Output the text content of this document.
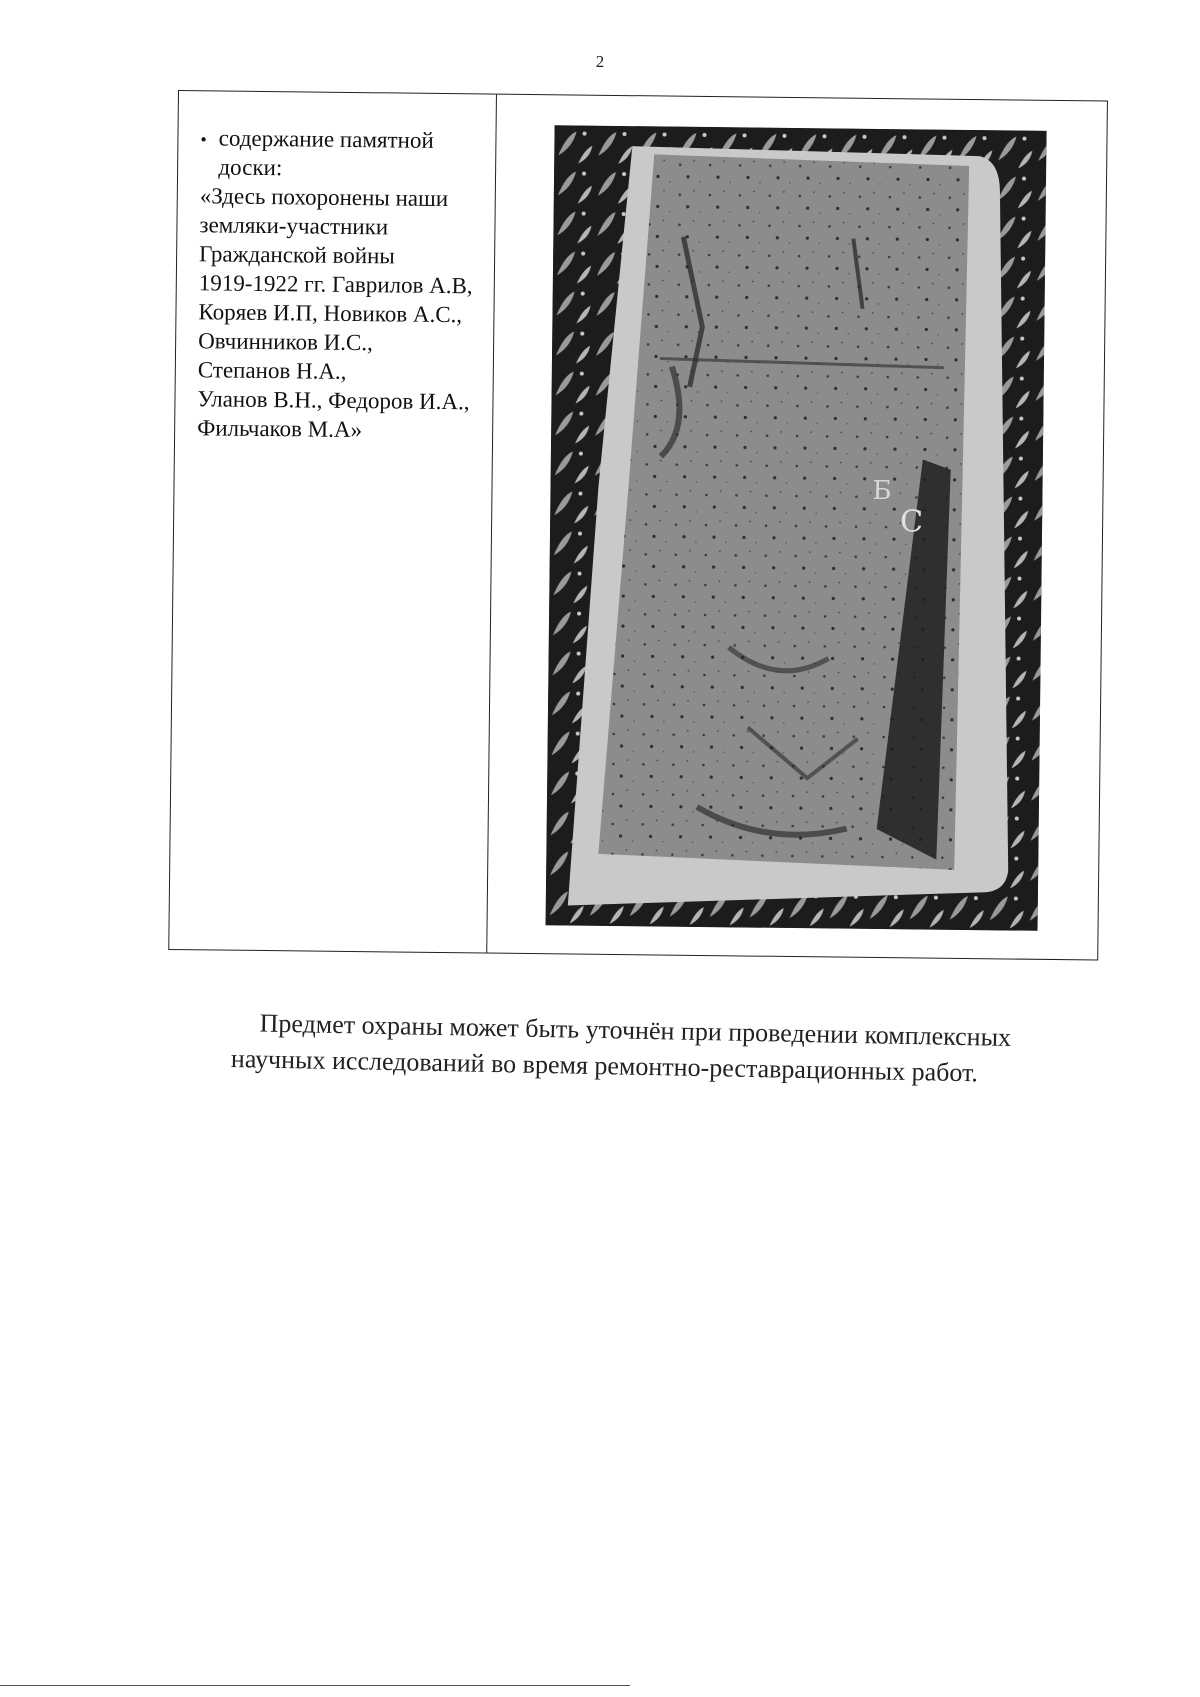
2
• содержание памятной доски:

«Здесь похоронены наши

земляки-участники

Гражданской войны

1919-1922 гг. Гаврилов А.В,

Коряев И.П, Новиков А.С.,

Овчинников И.С.,

Степанов Н.А.,

Уланов В.Н., Федоров И.А.,

Фильчаков М.А»

Б
С

Предмет охраны может быть уточнён при проведении комплексных

научных исследований во время ремонтно-реставрационных работ.
